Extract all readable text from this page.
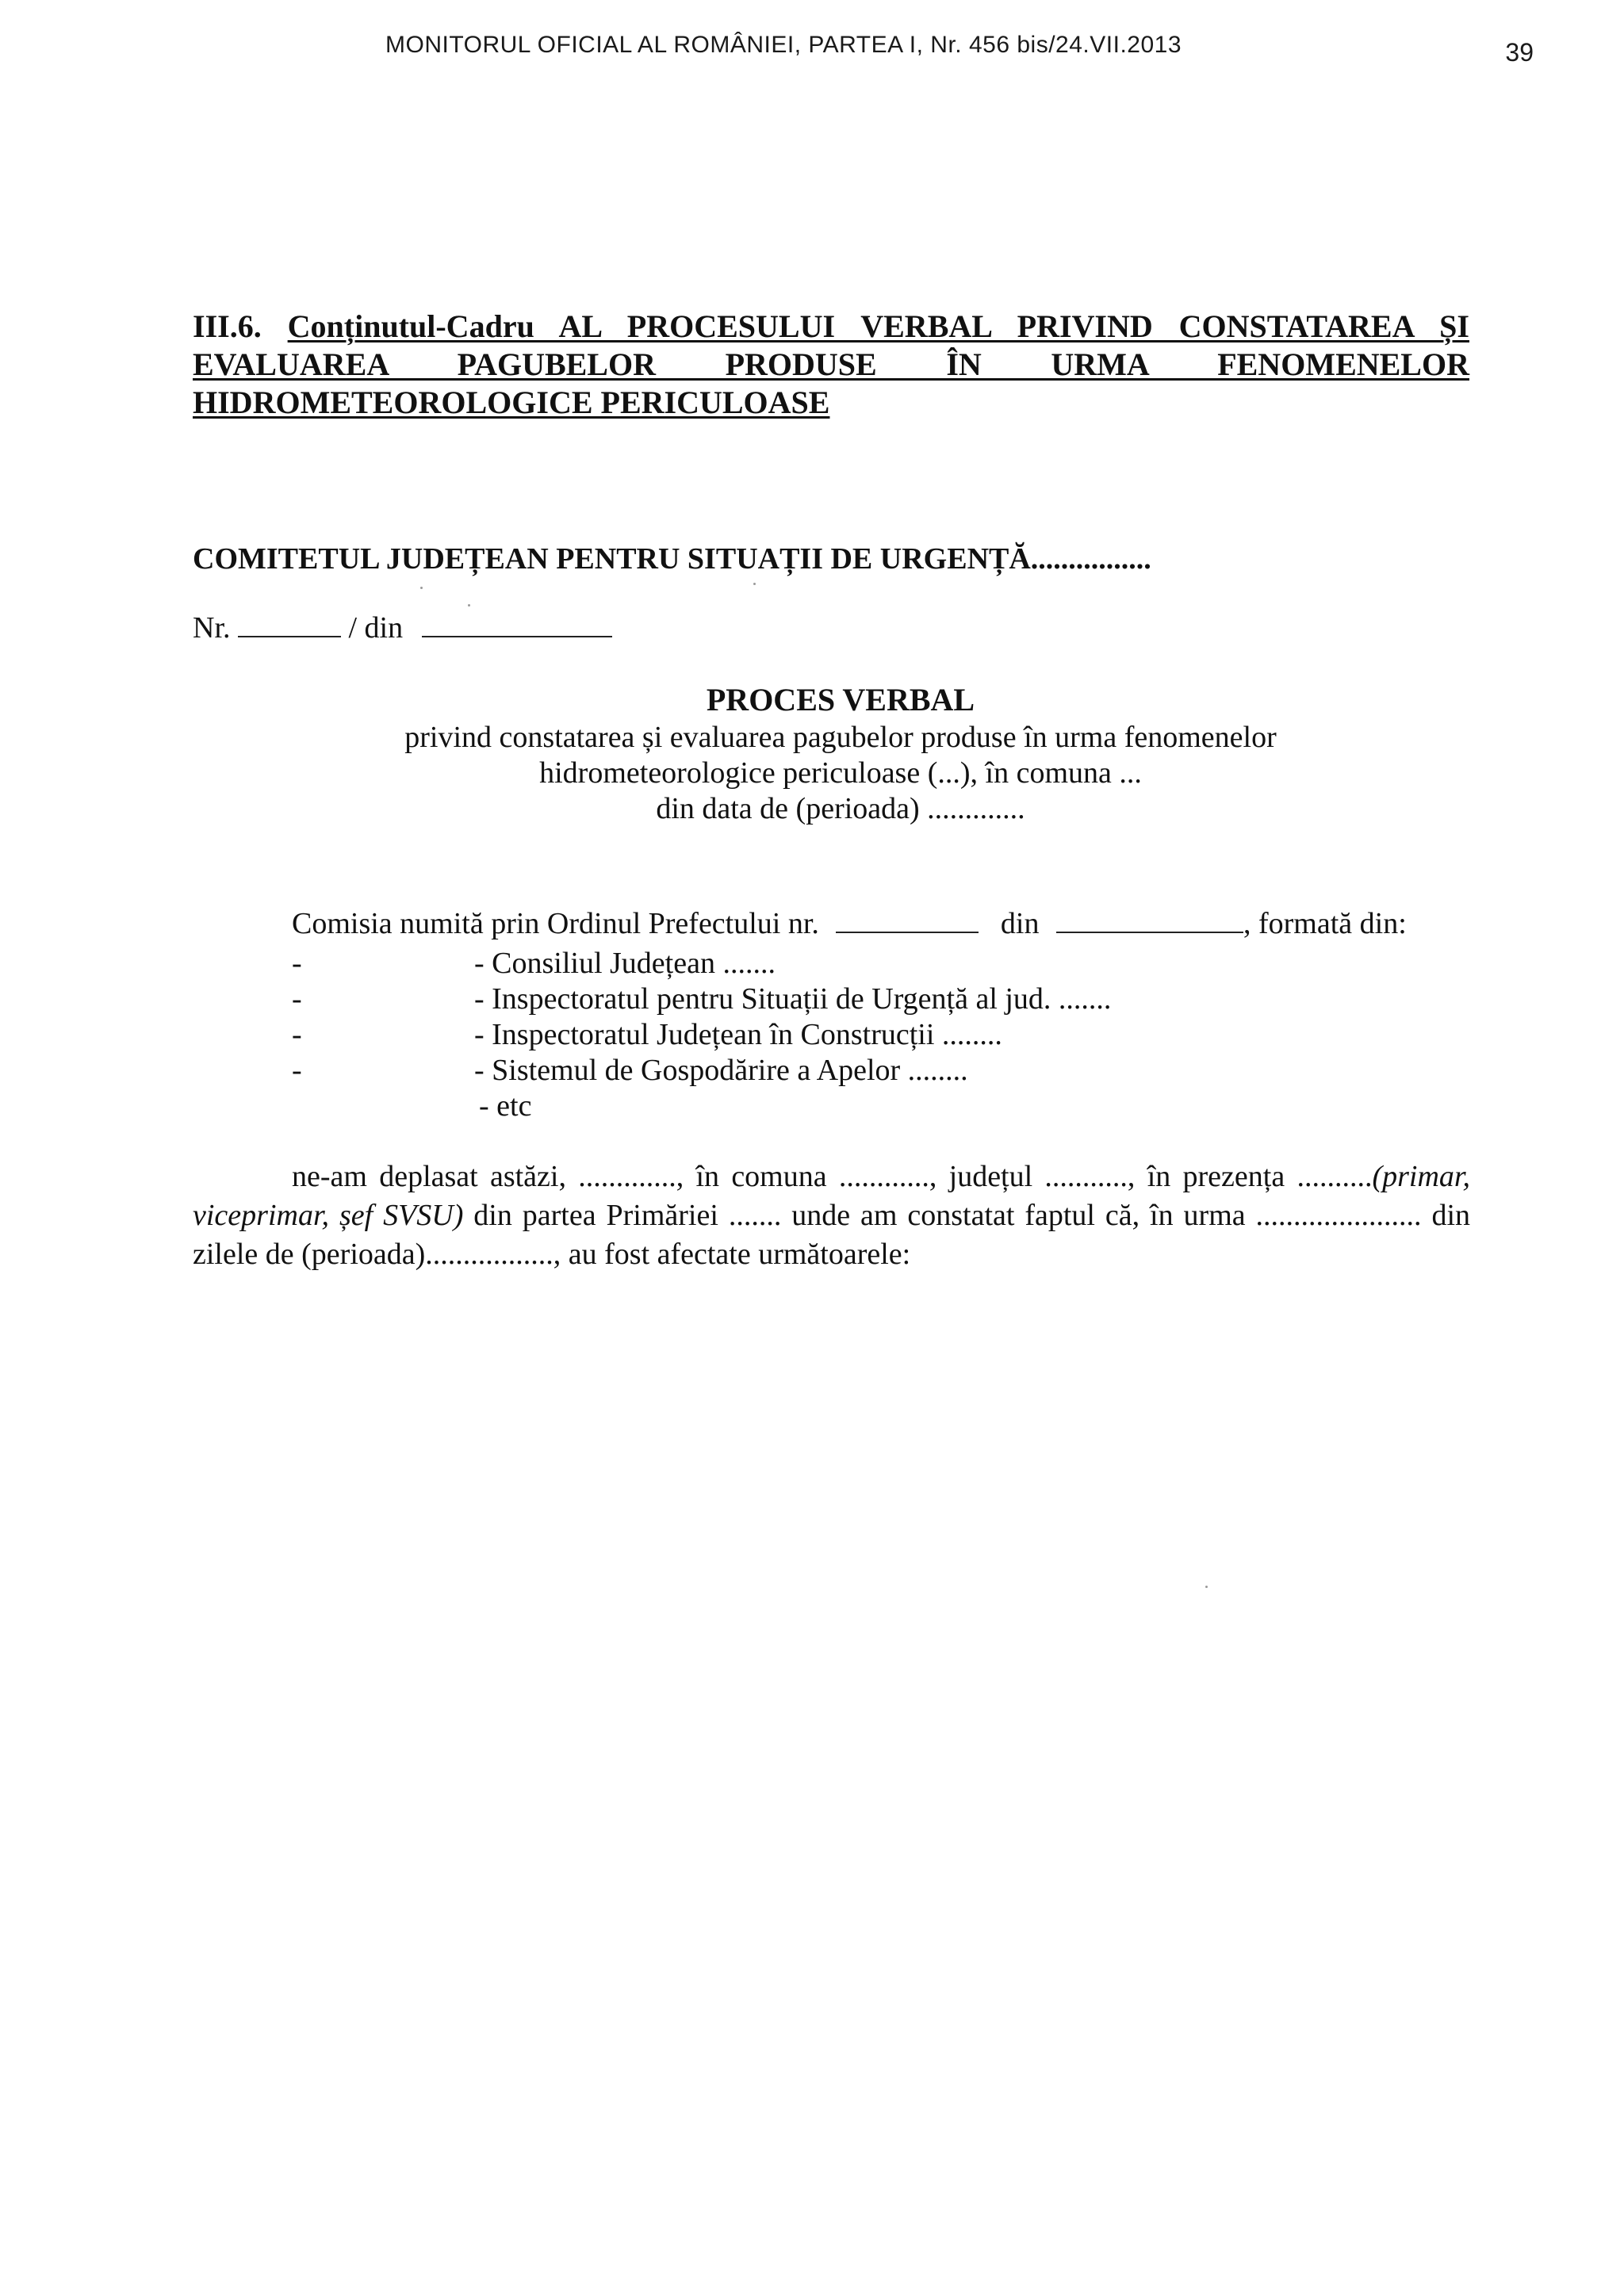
MONITORUL OFICIAL AL ROMÂNIEI, PARTEA I, Nr. 456 bis/24.VII.2013	39
III.6. Conținutul-Cadru AL PROCESULUI VERBAL PRIVIND CONSTATAREA ȘI EVALUAREA PAGUBELOR PRODUSE ÎN URMA FENOMENELOR HIDROMETEOROLOGICE PERICULOASE
COMITETUL JUDEȚEAN PENTRU SITUAȚII DE URGENȚĂ................
Nr.	/ din
PROCES VERBAL
privind constatarea și evaluarea pagubelor produse în urma fenomenelor
hidrometeorologice periculoase (...), în comuna ...
din data de (perioada) .............
Comisia numită prin Ordinul Prefectului nr.	din	, formată din:
-	- Consiliul Județean .......
-	- Inspectoratul pentru Situații de Urgență al jud. .......
-	- Inspectoratul Județean în Construcții ........
-	- Sistemul de Gospodărire a Apelor ........
- etc
ne-am deplasat astăzi, ............., în comuna ............, județul ..........., în prezența ..........(primar, viceprimar, șef SVSU) din partea Primăriei ....... unde am constatat faptul că, în urma ...................... din zilele de (perioada)................., au fost afectate următoarele:
